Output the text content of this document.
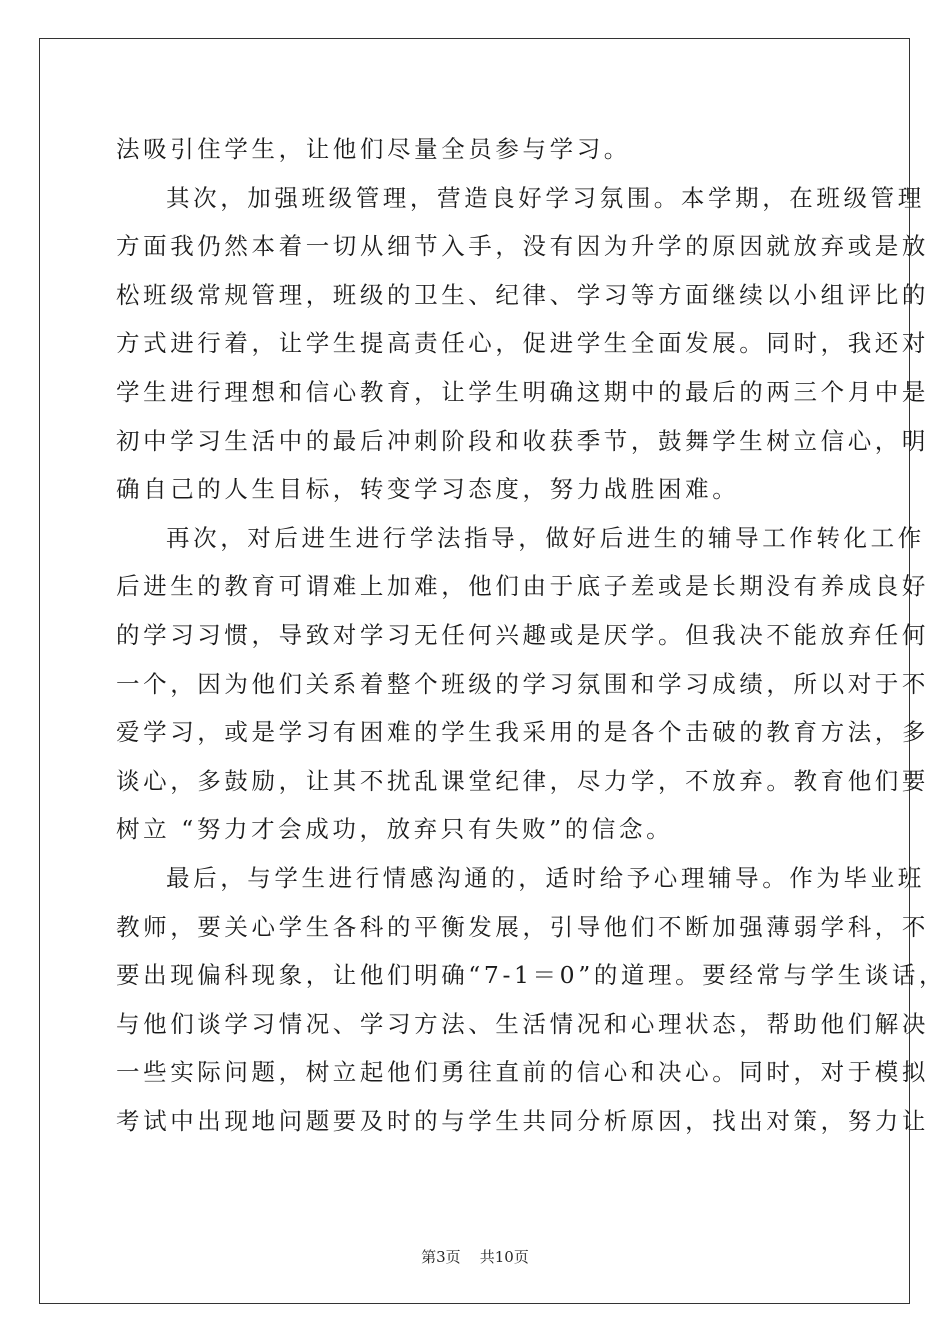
法吸引住学生，让他们尽量全员参与学习。
其次，加强班级管理，营造良好学习氛围。本学期，在班级管理
方面我仍然本着一切从细节入手，没有因为升学的原因就放弃或是放
松班级常规管理，班级的卫生、纪律、学习等方面继续以小组评比的
方式进行着，让学生提高责任心，促进学生全面发展。同时，我还对
学生进行理想和信心教育，让学生明确这期中的最后的两三个月中是
初中学习生活中的最后冲刺阶段和收获季节，鼓舞学生树立信心，明
确自己的人生目标，转变学习态度，努力战胜困难。
再次，对后进生进行学法指导，做好后进生的辅导工作转化工作
后进生的教育可谓难上加难，他们由于底子差或是长期没有养成良好
的学习习惯，导致对学习无任何兴趣或是厌学。但我决不能放弃任何
一个，因为他们关系着整个班级的学习氛围和学习成绩，所以对于不
爱学习，或是学习有困难的学生我采用的是各个击破的教育方法，多
谈心，多鼓励，让其不扰乱课堂纪律，尽力学，不放弃。教育他们要
树立 “努力才会成功，放弃只有失败”的信念。
最后，与学生进行情感沟通的，适时给予心理辅导。作为毕业班
教师，要关心学生各科的平衡发展，引导他们不断加强薄弱学科，不
要出现偏科现象，让他们明确“7-1＝0”的道理。要经常与学生谈话，
与他们谈学习情况、学习方法、生活情况和心理状态，帮助他们解决
一些实际问题，树立起他们勇往直前的信心和决心。同时，对于模拟
考试中出现地问题要及时的与学生共同分析原因，找出对策，努力让
第3页    共10页
